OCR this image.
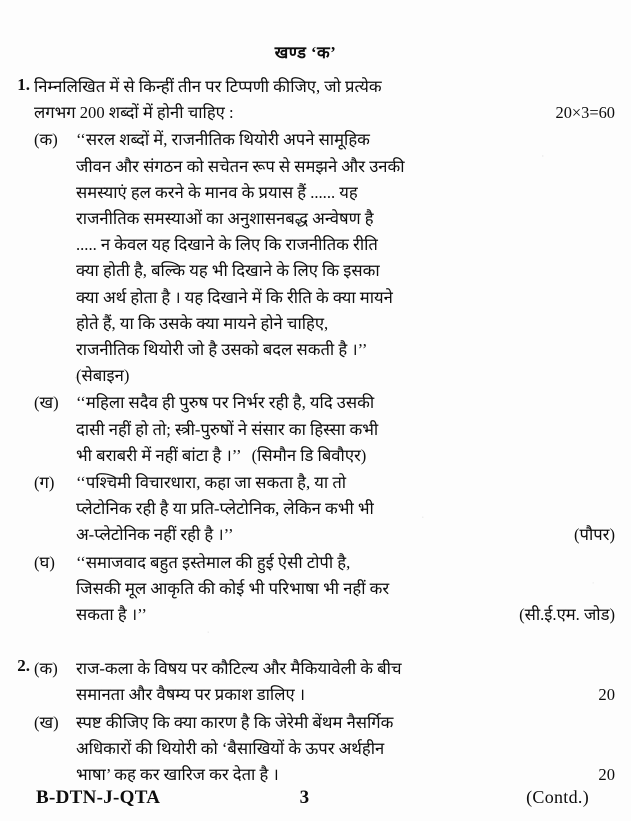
खण्ड ‘क’
1. निम्नलिखित में से किन्हीं तीन पर टिप्पणी कीजिए, जो प्रत्येक
लगभग 200 शब्दों में होनी चाहिए :	20×3=60
(क)	‘‘सरल शब्दों में, राजनीतिक थियोरी अपने सामूहिक
जीवन और संगठन को सचेतन रूप से समझने और उनकी
समस्याएं हल करने के मानव के प्रयास हैं ...... यह
राजनीतिक समस्याओं का अनुशासनबद्ध अन्वेषण है
..... न केवल यह दिखाने के लिए कि राजनीतिक रीति
क्या होती है, बल्कि यह भी दिखाने के लिए कि इसका
क्या अर्थ होता है । यह दिखाने में कि रीति के क्या मायने
होते हैं, या कि उसके क्या मायने होने चाहिए,
राजनीतिक थियोरी जो है उसको बदल सकती है ।’’
(सेबाइन)
(ख)	‘‘महिला सदैव ही पुरुष पर निर्भर रही है, यदि उसकी
दासी नहीं हो तो; स्त्री-पुरुषों ने संसार का हिस्सा कभी
भी बराबरी में नहीं बांटा है ।’’ (सिमौन डि बिवौएर)
(ग)	‘‘पश्चिमी विचारधारा, कहा जा सकता है, या तो
प्लेटोनिक रही है या प्रति-प्लेटोनिक, लेकिन कभी भी
अ-प्लेटोनिक नहीं रही है ।’’	(पौपर)
(घ)	‘‘समाजवाद बहुत इस्तेमाल की हुई ऐसी टोपी है,
जिसकी मूल आकृति की कोई भी परिभाषा भी नहीं कर
सकता है ।’’	(सी.ई.एम. जोड)
2. (क)	राज-कला के विषय पर कौटिल्य और मैकियावेली के बीच
समानता और वैषम्य पर प्रकाश डालिए ।	20
(ख)	स्पष्ट कीजिए कि क्या कारण है कि जेरेमी बेंथम नैसर्गिक
अधिकारों की थियोरी को ‘बैसाखियों के ऊपर अर्थहीन
भाषा’ कह कर खारिज कर देता है ।	20
B-DTN-J-QTA	3	(Contd.)
